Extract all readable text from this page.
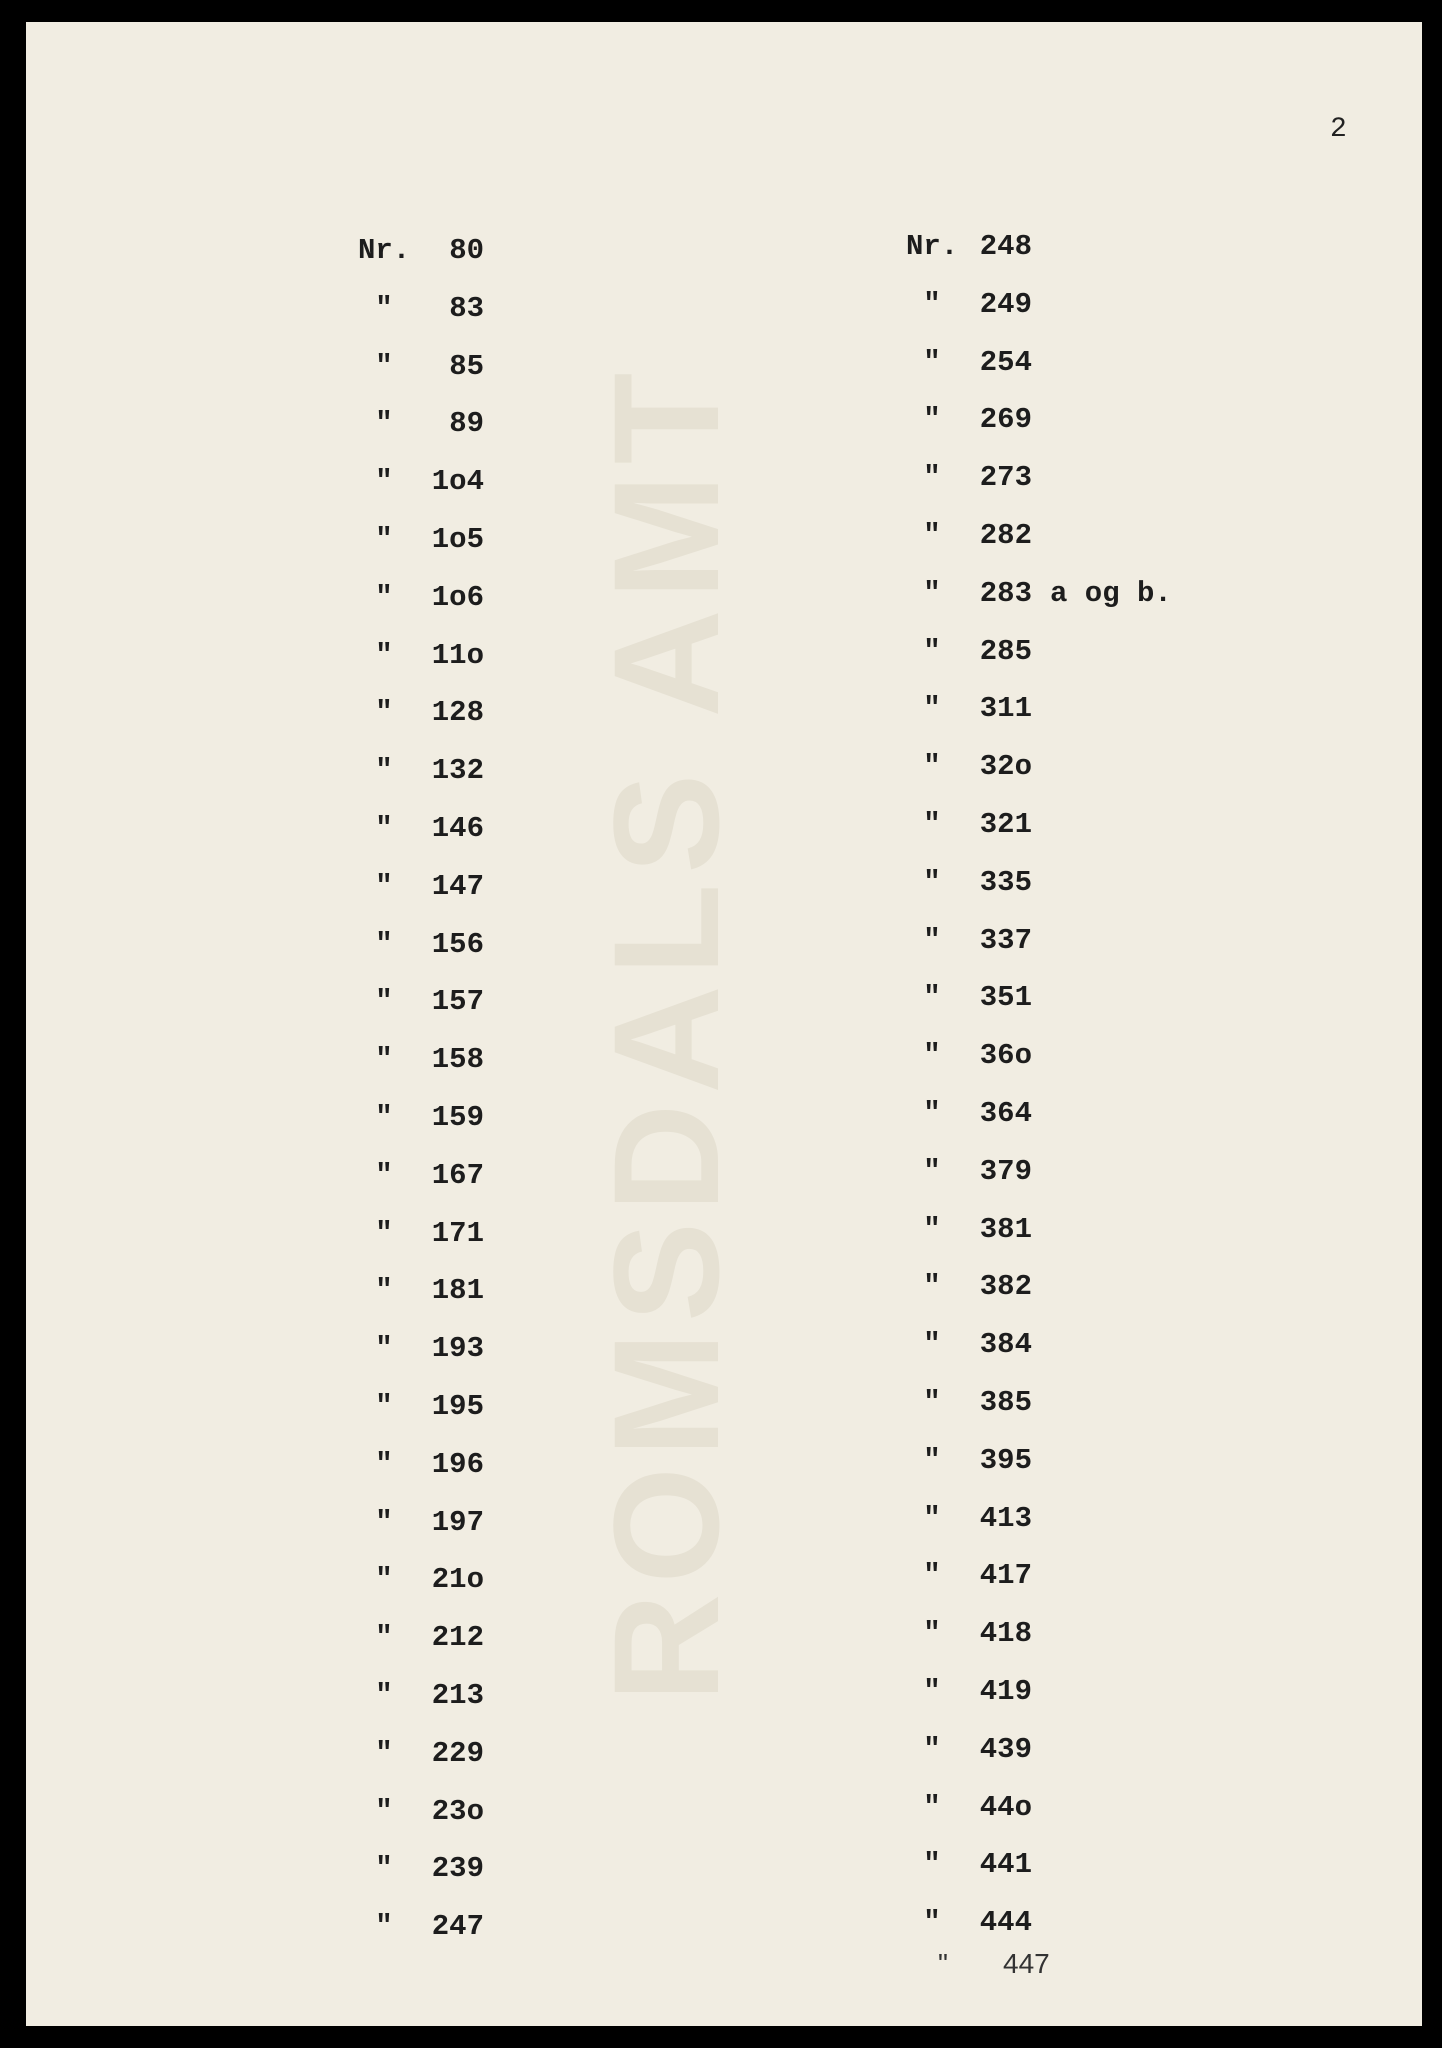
ROMSDALS AMT
2
Nr. 80
" 83
" 85
" 89
" 1o4
" 1o5
" 1o6
" 11o
" 128
" 132
" 146
" 147
" 156
" 157
" 158
" 159
" 167
" 171
" 181
" 193
" 195
" 196
" 197
" 21o
" 212
" 213
" 229
" 23o
" 239
" 247
Nr. 248
" 249
" 254
" 269
" 273
" 282
" 283 a og b.
" 285
" 311
" 32o
" 321
" 335
" 337
" 351
" 36o
" 364
" 379
" 381
" 382
" 384
" 385
" 395
" 413
" 417
" 418
" 419
" 439
" 44o
" 441
" 444
" 447
